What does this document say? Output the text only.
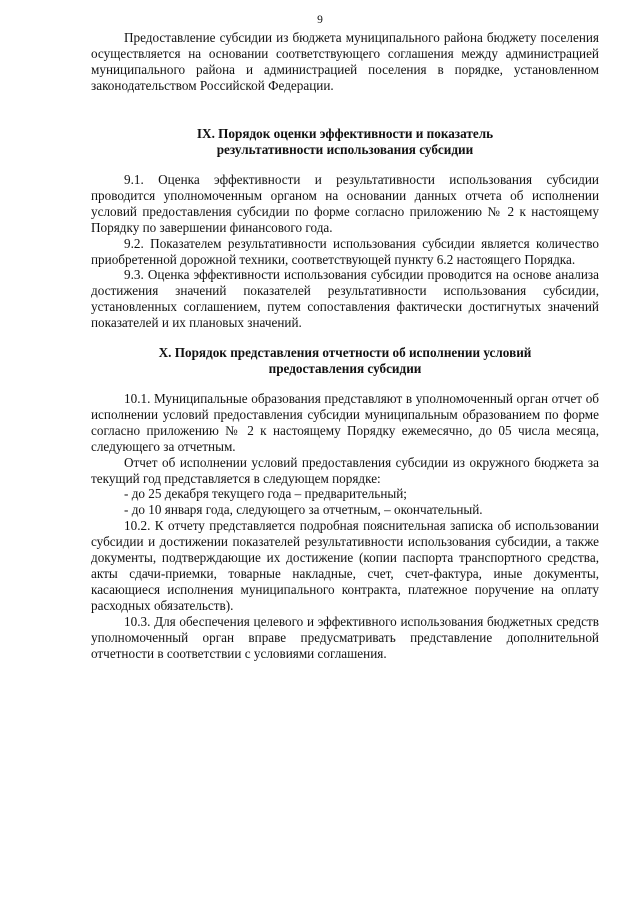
9

Предоставление субсидии из бюджета муниципального района бюджету поселения осуществляется на основании соответствующего соглашения между администрацией муниципального района и администрацией поселения в порядке, установленном законодательством Российской Федерации.

IX. Порядок оценки эффективности и показатель

результативности использования субсидии

9.1. Оценка эффективности и результативности использования субсидии проводится уполномоченным органом на основании данных отчета об исполнении условий предоставления субсидии по форме согласно приложению № 2 к настоящему Порядку по завершении финансового года.

9.2. Показателем результативности использования субсидии является количество приобретенной дорожной техники, соответствующей пункту 6.2 настоящего Порядка.

9.3. Оценка эффективности использования субсидии проводится на основе анализа достижения значений показателей результативности использования субсидии, установленных соглашением, путем сопоставления фактически достигнутых значений показателей и их плановых значений.

X. Порядок представления отчетности об исполнении условий

предоставления субсидии

10.1. Муниципальные образования представляют в уполномоченный орган отчет об исполнении условий предоставления субсидии муниципальным образованием по форме согласно приложению № 2 к настоящему Порядку ежемесячно, до 05 числа месяца, следующего за отчетным.

Отчет об исполнении условий предоставления субсидии из окружного бюджета за текущий год представляется в следующем порядке:

- до 25 декабря текущего года – предварительный;

- до 10 января года, следующего за отчетным, – окончательный.

10.2. К отчету представляется подробная пояснительная записка об использовании субсидии и достижении показателей результативности использования субсидии, а также документы, подтверждающие их достижение (копии паспорта транспортного средства, акты сдачи-приемки, товарные накладные, счет, счет-фактура, иные документы, касающиеся исполнения муниципального контракта, платежное поручение на оплату расходных обязательств).

10.3. Для обеспечения целевого и эффективного использования бюджетных средств уполномоченный орган вправе предусматривать представление дополнительной отчетности в соответствии с условиями соглашения.
